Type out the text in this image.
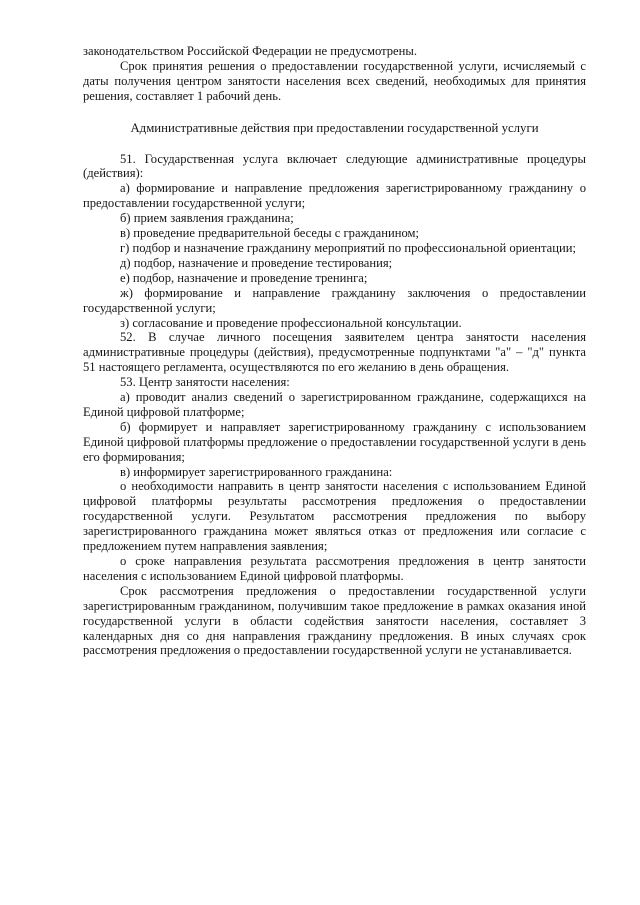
законодательством Российской Федерации не предусмотрены.

Срок принятия решения о предоставлении государственной услуги, исчисляемый с даты получения центром занятости населения всех сведений, необходимых для принятия решения, составляет 1 рабочий день.

Административные действия при предоставлении государственной услуги

51. Государственная услуга включает следующие административные процедуры (действия):

а) формирование и направление предложения зарегистрированному гражданину о предоставлении государственной услуги;

б) прием заявления гражданина;

в) проведение предварительной беседы с гражданином;

г) подбор и назначение гражданину мероприятий по профессиональной ориентации;

д) подбор, назначение и проведение тестирования;

е) подбор, назначение и проведение тренинга;

ж) формирование и направление гражданину заключения о предоставлении государственной услуги;

з) согласование и проведение профессиональной консультации.

52. В случае личного посещения заявителем центра занятости населения административные процедуры (действия), предусмотренные подпунктами "а" – "д" пункта 51 настоящего регламента, осуществляются по его желанию в день обращения.

53. Центр занятости населения:

а) проводит анализ сведений о зарегистрированном гражданине, содержащихся на Единой цифровой платформе;

б) формирует и направляет зарегистрированному гражданину с использованием Единой цифровой платформы предложение о предоставлении государственной услуги в день его формирования;

в) информирует зарегистрированного гражданина:

о необходимости направить в центр занятости населения с использованием Единой цифровой платформы результаты рассмотрения предложения о предоставлении государственной услуги. Результатом рассмотрения предложения по выбору зарегистрированного гражданина может являться отказ от предложения или согласие с предложением путем направления заявления;

о сроке направления результата рассмотрения предложения в центр занятости населения с использованием Единой цифровой платформы.

Срок рассмотрения предложения о предоставлении государственной услуги зарегистрированным гражданином, получившим такое предложение в рамках оказания иной государственной услуги в области содействия занятости населения, составляет 3 календарных дня со дня направления гражданину предложения. В иных случаях срок рассмотрения предложения о предоставлении государственной услуги не устанавливается.
